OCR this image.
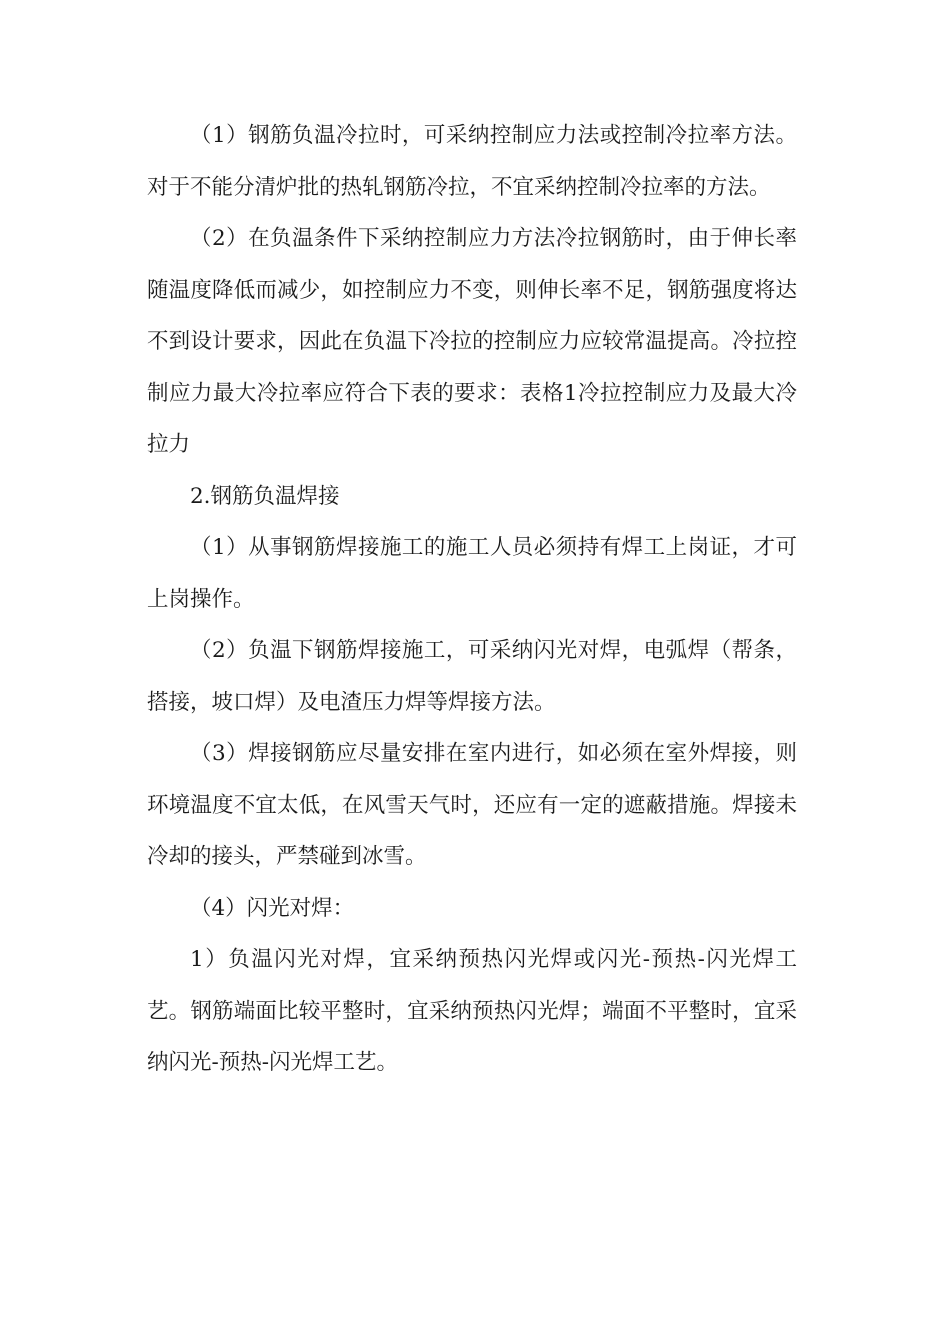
（1）钢筋负温冷拉时，可采纳控制应力法或控制冷拉率方法。对于不能分清炉批的热轧钢筋冷拉，不宜采纳控制冷拉率的方法。

（2）在负温条件下采纳控制应力方法冷拉钢筋时，由于伸长率随温度降低而减少，如控制应力不变，则伸长率不足，钢筋强度将达不到设计要求，因此在负温下冷拉的控制应力应较常温提高。冷拉控制应力最大冷拉率应符合下表的要求：表格1冷拉控制应力及最大冷拉力

2.钢筋负温焊接

（1）从事钢筋焊接施工的施工人员必须持有焊工上岗证，才可上岗操作。

（2）负温下钢筋焊接施工，可采纳闪光对焊，电弧焊（帮条，搭接，坡口焊）及电渣压力焊等焊接方法。

（3）焊接钢筋应尽量安排在室内进行，如必须在室外焊接，则环境温度不宜太低，在风雪天气时，还应有一定的遮蔽措施。焊接未冷却的接头，严禁碰到冰雪。

（4）闪光对焊：

1）负温闪光对焊，宜采纳预热闪光焊或闪光-预热-闪光焊工艺。钢筋端面比较平整时，宜采纳预热闪光焊；端面不平整时，宜采纳闪光-预热-闪光焊工艺。
